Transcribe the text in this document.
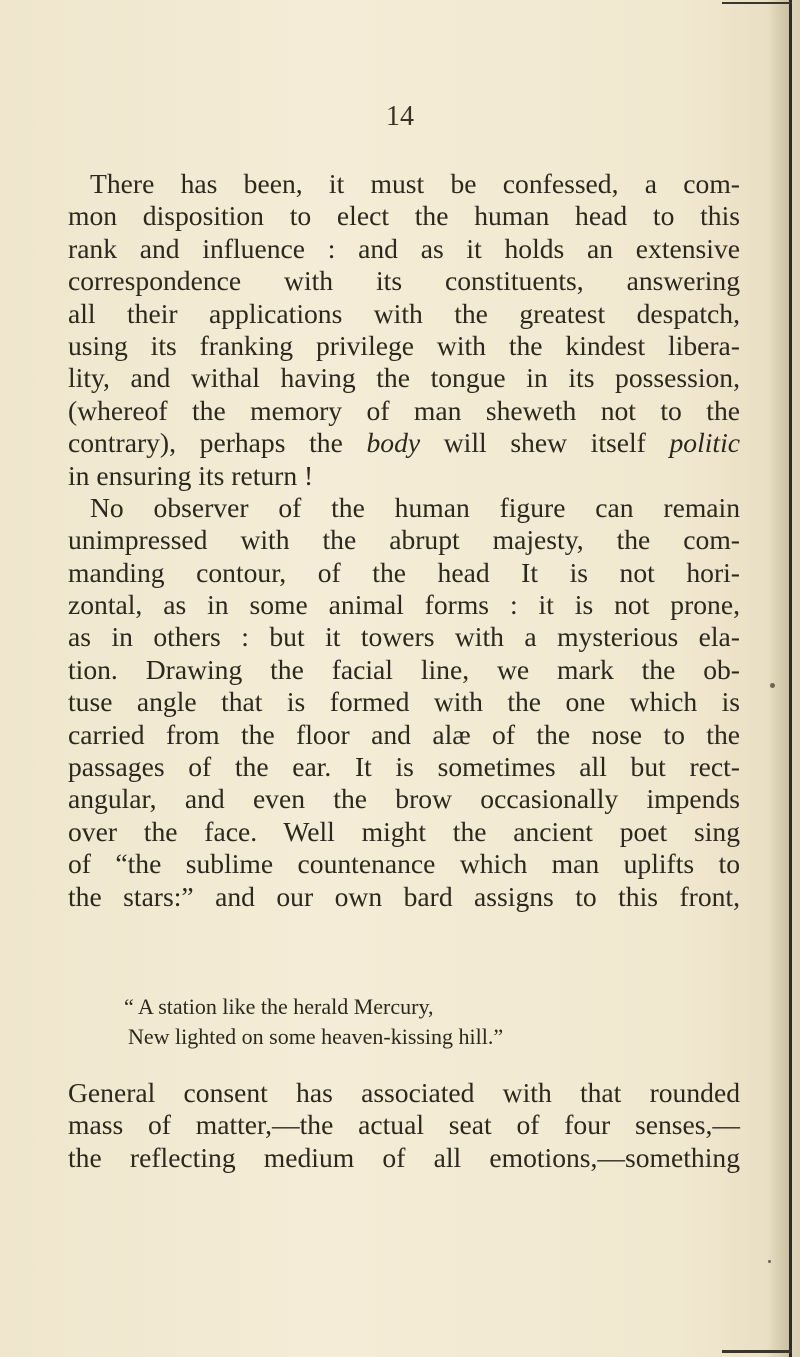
14
There has been, it must be confessed, a com-
mon disposition to elect the human head to this
rank and influence : and as it holds an extensive
correspondence with its constituents, answering
all their applications with the greatest despatch,
using its franking privilege with the kindest libera-
lity, and withal having the tongue in its possession,
(whereof the memory of man sheweth not to the
contrary), perhaps the body will shew itself politic
in ensuring its return !
No observer of the human figure can remain
unimpressed with the abrupt majesty, the com-
manding contour, of the head It is not hori-
zontal, as in some animal forms : it is not prone,
as in others : but it towers with a mysterious ela-
tion. Drawing the facial line, we mark the ob-
tuse angle that is formed with the one which is
carried from the floor and alæ of the nose to the
passages of the ear. It is sometimes all but rect-
angular, and even the brow occasionally impends
over the face. Well might the ancient poet sing
of “the sublime countenance which man uplifts to
the stars:” and our own bard assigns to this front,
“ A station like the herald Mercury,
New lighted on some heaven-kissing hill.”
General consent has associated with that rounded
mass of matter,—the actual seat of four senses,—
the reflecting medium of all emotions,—something
